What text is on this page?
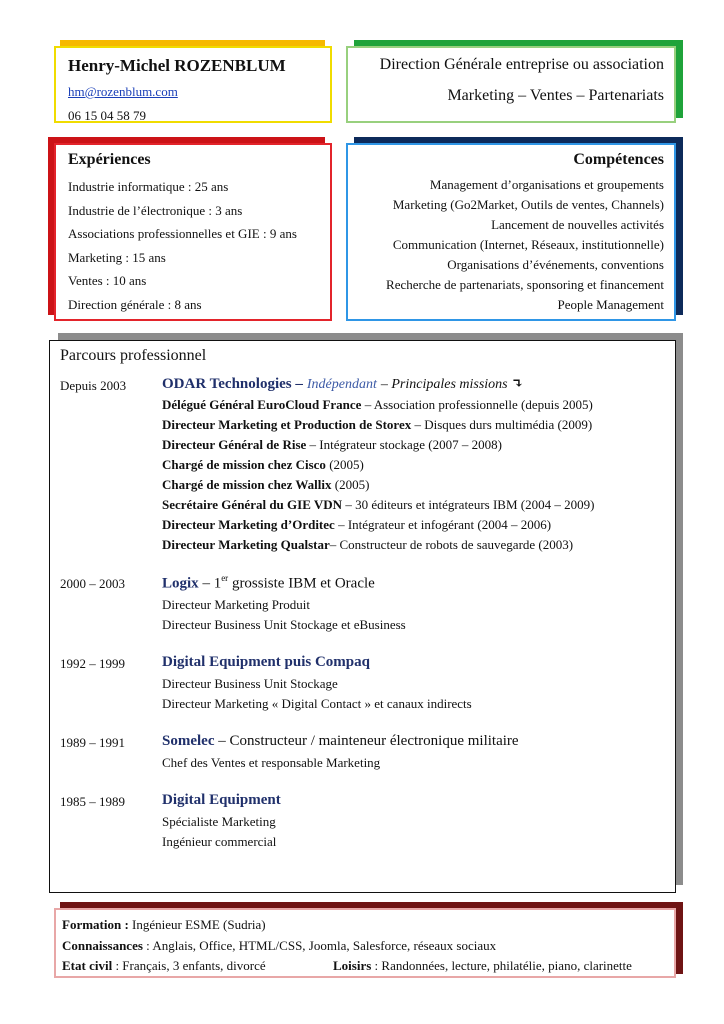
Henry-Michel ROZENBLUM
hm@rozenblum.com
06 15 04 58 79
Direction Générale entreprise ou association
Marketing – Ventes – Partenariats
Expériences
Industrie informatique : 25 ans
Industrie de l’électronique : 3 ans
Associations professionnelles et GIE : 9 ans
Marketing : 15 ans
Ventes : 10 ans
Direction générale : 8 ans
Compétences
Management d’organisations et groupements
Marketing (Go2Market, Outils de ventes, Channels)
Lancement de nouvelles activités
Communication (Internet, Réseaux, institutionnelle)
Organisations d’événements, conventions
Recherche de partenariats, sponsoring et financement
People Management
Parcours professionnel
Depuis 2003	ODAR Technologies – Indépendant – Principales missions ↴
Délégué Général EuroCloud France – Association professionnelle (depuis 2005)
Directeur Marketing et Production de Storex – Disques durs multimédia (2009)
Directeur Général de Rise – Intégrateur stockage (2007 – 2008)
Chargé de mission chez Cisco (2005)
Chargé de mission chez Wallix (2005)
Secrétaire Général du GIE VDN – 30 éditeurs et intégrateurs IBM (2004 – 2009)
Directeur Marketing d’Orditec – Intégrateur et infogérant (2004 – 2006)
Directeur Marketing Qualstar– Constructeur de robots de sauvegarde (2003)
2000 – 2003	Logix – 1er grossiste IBM et Oracle
Directeur Marketing Produit
Directeur Business Unit Stockage et eBusiness
1992 – 1999	Digital Equipment puis Compaq
Directeur Business Unit Stockage
Directeur Marketing « Digital Contact » et canaux indirects
1989 – 1991	Somelec – Constructeur / mainteneur électronique militaire
Chef des Ventes et responsable Marketing
1985 – 1989	Digital Equipment
Spécialiste Marketing
Ingénieur commercial
Formation : Ingénieur ESME (Sudria)
Connaissances : Anglais, Office, HTML/CSS, Joomla, Salesforce, réseaux sociaux
Etat civil : Français, 3 enfants, divorcé	Loisirs : Randonnées, lecture, philatélie, piano, clarinette
